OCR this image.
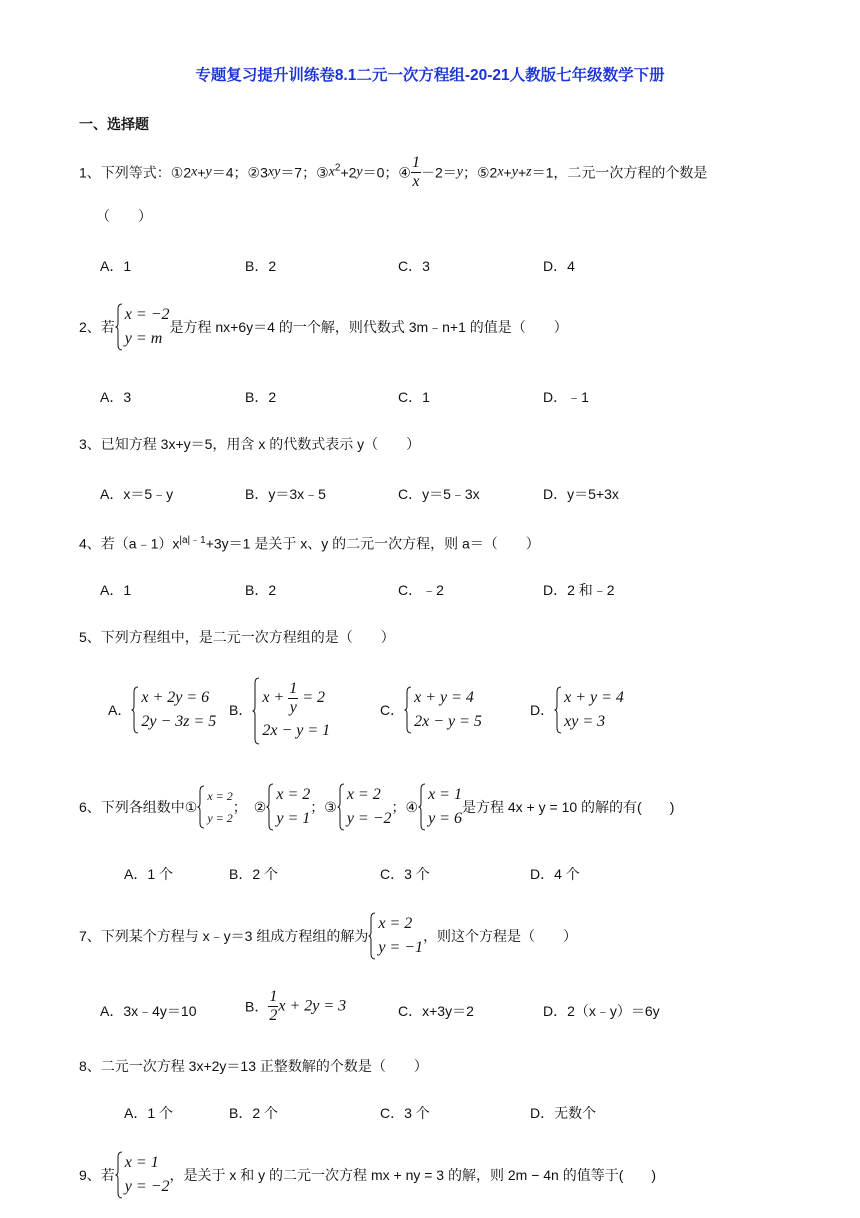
专题复习提升训练卷8.1二元一次方程组-20-21人教版七年级数学下册
一、选择题
1、下列等式：①2x+y＝4；②3xy＝7；$③x^2+2y=0$；④ $\frac{1}{x} -2=y$；⑤2x+y+z＝1，二元一次方程的个数是
（　　）
A．1	B．2	C．3	D．4
2、若
x = −2
y = m
是方程 nx+6y＝4 的一个解，则代数式 3m﹣n+1 的值是（　　）
A．3	B．2	C．1	D．﹣1
3、已知方程 3x+y＝5，用含 x 的代数式表示 y（　　）
A．x＝5﹣y	B．y＝3x﹣5	C．y＝5﹣3x	D．y＝5+3x
4、若$(a﹣1)x^{|a|﹣1}+3y=1$ 是关于 x、y 的二元一次方程，则 a＝（　　）
A．1	B．2	C．﹣2	D．2 和﹣2
5、下列方程组中，是二元一次方程组的是（　　）
A．
x + 2y = 6
2y − 3z = 5
B．
$x + \frac{1}{y} = 2$
2x − y = 1
C．
x + y = 4
2x − y = 5
D．
x + y = 4
xy = 3
6、下列各组数中①
x = 2
y = 2
；　②
x = 2
y = 1
；③
x = 2
y = −2
；④
x = 1
y = 6
是方程 4x + y = 10 的解的有(　　)
A．1 个	B．2 个	C．3 个	D．4 个
7、下列某个方程与 x﹣y＝3 组成方程组的解为
x = 2
y = −1
，则这个方程是（　　）
A．3x﹣4y＝10	B． $\frac{1}{2}$ x + 2y = 3	C．x+3y＝2	D．2（x﹣y）＝6y
8、二元一次方程 3x+2y＝13 正整数解的个数是（　　）
A．1 个	B．2 个	C．3 个	D．无数个
9、若
x = 1
y = −2
，是关于 x 和 y 的二元一次方程 mx + ny = 3 的解，则 2m − 4n 的值等于(　　)
